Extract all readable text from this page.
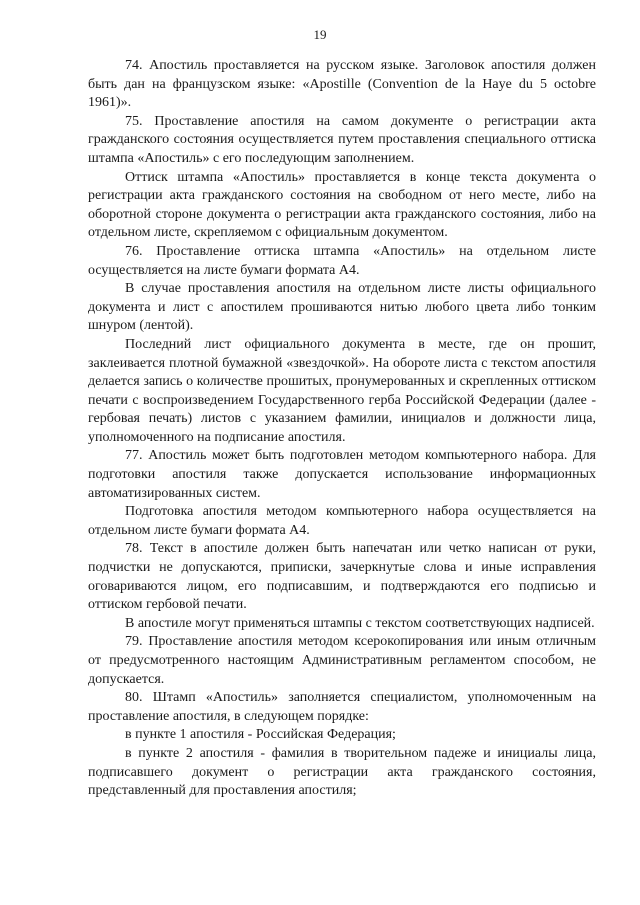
19

74. Апостиль проставляется на русском языке. Заголовок апостиля должен быть дан на французском языке: «Apostille (Convention de la Haye du 5 octobre 1961)».

75. Проставление апостиля на самом документе о регистрации акта гражданского состояния осуществляется путем проставления специального оттиска штампа «Апостиль» с его последующим заполнением.

Оттиск штампа «Апостиль» проставляется в конце текста документа о регистрации акта гражданского состояния на свободном от него месте, либо на оборотной стороне документа о регистрации акта гражданского состояния, либо на отдельном листе, скрепляемом с официальным документом.

76. Проставление оттиска штампа «Апостиль» на отдельном листе осуществляется на листе бумаги формата А4.

В случае проставления апостиля на отдельном листе листы официального документа и лист с апостилем прошиваются нитью любого цвета либо тонким шнуром (лентой).

Последний лист официального документа в месте, где он прошит, заклеивается плотной бумажной «звездочкой». На обороте листа с текстом апостиля делается запись о количестве прошитых, пронумерованных и скрепленных оттиском печати с воспроизведением Государственного герба Российской Федерации (далее - гербовая печать) листов с указанием фамилии, инициалов и должности лица, уполномоченного на подписание апостиля.

77. Апостиль может быть подготовлен методом компьютерного набора. Для подготовки апостиля также допускается использование информационных автоматизированных систем.

Подготовка апостиля методом компьютерного набора осуществляется на отдельном листе бумаги формата А4.

78. Текст в апостиле должен быть напечатан или четко написан от руки, подчистки не допускаются, приписки, зачеркнутые слова и иные исправления оговариваются лицом, его подписавшим, и подтверждаются его подписью и оттиском гербовой печати.

В апостиле могут применяться штампы с текстом соответствующих надписей.

79. Проставление апостиля методом ксерокопирования или иным отличным от предусмотренного настоящим Административным регламентом способом, не допускается.

80. Штамп «Апостиль» заполняется специалистом, уполномоченным на проставление апостиля, в следующем порядке:

в пункте 1 апостиля - Российская Федерация;

в пункте 2 апостиля - фамилия в творительном падеже и инициалы лица, подписавшего документ о регистрации акта гражданского состояния, представленный для проставления апостиля;
